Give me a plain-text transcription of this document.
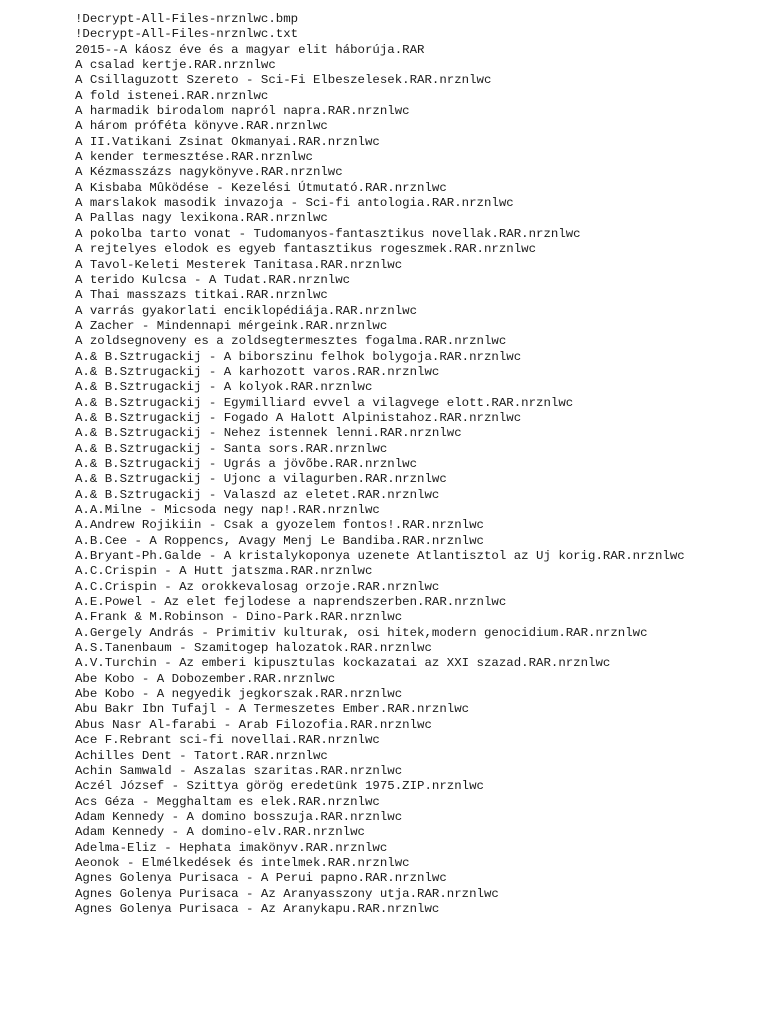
!Decrypt-All-Files-nrznlwc.bmp
!Decrypt-All-Files-nrznlwc.txt
2015--A káosz éve és a magyar elit háborúja.RAR
A csalad kertje.RAR.nrznlwc
A Csillaguzott Szereto - Sci-Fi Elbeszelesek.RAR.nrznlwc
A fold istenei.RAR.nrznlwc
A harmadik birodalom napról napra.RAR.nrznlwc
A három próféta könyve.RAR.nrznlwc
A II.Vatikani Zsinat Okmanyai.RAR.nrznlwc
A kender termesztése.RAR.nrznlwc
A Kézmasszázs nagykönyve.RAR.nrznlwc
A Kisbaba Mûködése - Kezelési Útmutató.RAR.nrznlwc
A marslakok masodik invazoja - Sci-fi antologia.RAR.nrznlwc
A Pallas nagy lexikona.RAR.nrznlwc
A pokolba tarto vonat - Tudomanyos-fantasztikus novellak.RAR.nrznlwc
A rejtelyes elodok es egyeb fantasztikus rogeszmek.RAR.nrznlwc
A Tavol-Keleti Mesterek Tanitasa.RAR.nrznlwc
A terido Kulcsa - A Tudat.RAR.nrznlwc
A Thai masszazs titkai.RAR.nrznlwc
A varrás gyakorlati enciklopédiája.RAR.nrznlwc
A Zacher - Mindennapi mérgeink.RAR.nrznlwc
A zoldsegnoveny es a zoldsegtermesztes fogalma.RAR.nrznlwc
A.& B.Sztrugackij - A biborszinu felhok bolygoja.RAR.nrznlwc
A.& B.Sztrugackij - A karhozott varos.RAR.nrznlwc
A.& B.Sztrugackij - A kolyok.RAR.nrznlwc
A.& B.Sztrugackij - Egymilliard evvel a vilagvege elott.RAR.nrznlwc
A.& B.Sztrugackij - Fogado A Halott Alpinistahoz.RAR.nrznlwc
A.& B.Sztrugackij - Nehez istennek lenni.RAR.nrznlwc
A.& B.Sztrugackij - Santa sors.RAR.nrznlwc
A.& B.Sztrugackij - Ugrás a jövõbe.RAR.nrznlwc
A.& B.Sztrugackij - Ujonc a vilagurben.RAR.nrznlwc
A.& B.Sztrugackij - Valaszd az eletet.RAR.nrznlwc
A.A.Milne - Micsoda negy nap!.RAR.nrznlwc
A.Andrew Rojikiin - Csak a gyozelem fontos!.RAR.nrznlwc
A.B.Cee - A Roppencs, Avagy Menj Le Bandiba.RAR.nrznlwc
A.Bryant-Ph.Galde - A kristalykoponya uzenete Atlantisztol az Uj korig.RAR.nrznlwc
A.C.Crispin - A Hutt jatszma.RAR.nrznlwc
A.C.Crispin - Az orokkevalosag orzoje.RAR.nrznlwc
A.E.Powel - Az elet fejlodese a naprendszerben.RAR.nrznlwc
A.Frank & M.Robinson - Dino-Park.RAR.nrznlwc
A.Gergely András - Primitiv kulturak, osi hitek,modern genocidium.RAR.nrznlwc
A.S.Tanenbaum - Szamitogep halozatok.RAR.nrznlwc
A.V.Turchin - Az emberi kipusztulas kockazatai az XXI szazad.RAR.nrznlwc
Abe Kobo - A Dobozember.RAR.nrznlwc
Abe Kobo - A negyedik jegkorszak.RAR.nrznlwc
Abu Bakr Ibn Tufajl - A Termeszetes Ember.RAR.nrznlwc
Abus Nasr Al-farabi - Arab Filozofia.RAR.nrznlwc
Ace F.Rebrant sci-fi novellai.RAR.nrznlwc
Achilles Dent - Tatort.RAR.nrznlwc
Achin Samwald - Aszalas szaritas.RAR.nrznlwc
Aczél József - Szittya görög eredetünk 1975.ZIP.nrznlwc
Acs Géza - Megghaltam es elek.RAR.nrznlwc
Adam Kennedy - A domino bosszuja.RAR.nrznlwc
Adam Kennedy - A domino-elv.RAR.nrznlwc
Adelma-Eliz - Hephata imakönyv.RAR.nrznlwc
Aeonok - Elmélkedések és intelmek.RAR.nrznlwc
Agnes Golenya Purisaca - A Perui papno.RAR.nrznlwc
Agnes Golenya Purisaca - Az Aranyasszony utja.RAR.nrznlwc
Agnes Golenya Purisaca - Az Aranykapu.RAR.nrznlwc
